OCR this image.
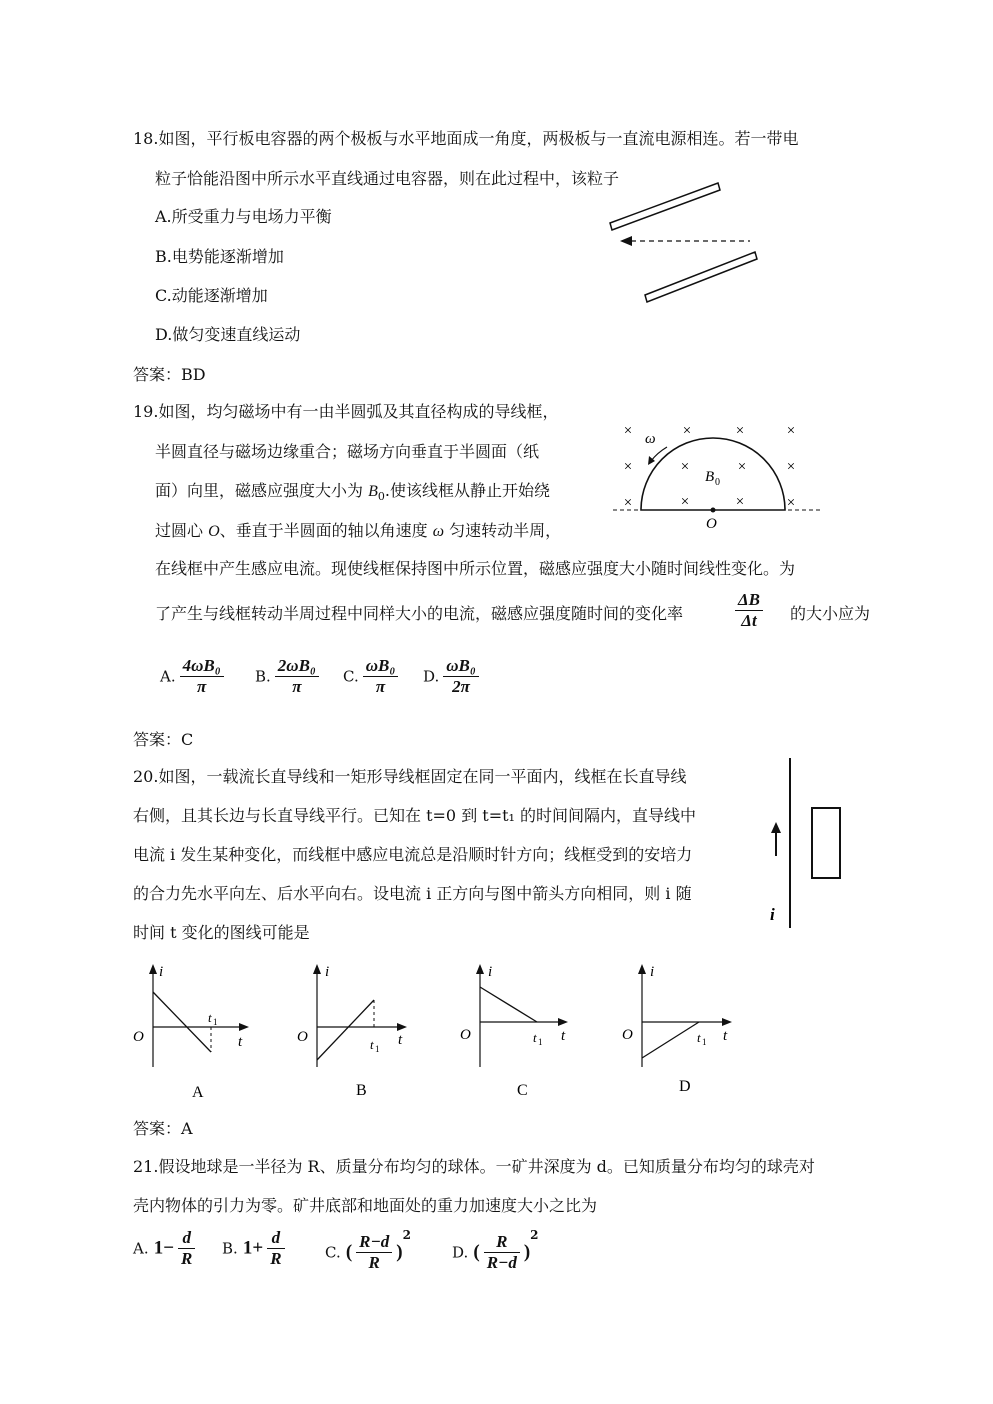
18.如图，平行板电容器的两个极板与水平地面成一角度，两极板与一直流电源相连。若一带电
粒子恰能沿图中所示水平直线通过电容器，则在此过程中，该粒子
A.所受重力与电场力平衡
B.电势能逐渐增加
C.动能逐渐增加
D.做匀变速直线运动
答案：BD
19.如图，均匀磁场中有一由半圆弧及其直径构成的导线框，
半圆直径与磁场边缘重合；磁场方向垂直于半圆面（纸
面）向里，磁感应强度大小为 $B_0$.使该线框从静止开始绕
过圆心 O、垂直于半圆面的轴以角速度 ω 匀速转动半周，
在线框中产生感应电流。现使线框保持图中所示位置，磁感应强度大小随时间线性变化。为
了产生与线框转动半周过程中同样大小的电流，磁感应强度随时间的变化率	$\frac{\Delta B}{\Delta t}$ 的大小应为
A. $\frac{\text{4ωB₀}}{\pi} B$. $\frac{\text{2ωB₀}}{\pi} C$. $\frac{\text{ωB₀}}{\pi} D$. $\frac{\text{ωB₀}}{2\pi}$
答案：C
ω
B 0
O
×
×
×
×
×
×
×
×
×
×
×
×
20.如图，一载流长直导线和一矩形导线框固定在同一平面内，线框在长直导线
右侧，且其长边与长直导线平行。已知在 t=0 到 t=t₁ 的时间间隔内，直导线中
电流 i 发生某种变化，而线框中感应电流总是沿顺时针方向；线框受到的安培力
的合力先水平向左、后水平向右。设电流 i 正方向与图中箭头方向相同，则 i 随
时间 t 变化的图线可能是
i
i
t
O
t 1
A
i
t
O	t 1
B
i
t
O	t 1
C
i
t
O	t 1
D
答案：A
21.假设地球是一半径为 R、质量分布均匀的球体。一矿井深度为 d。已知质量分布均匀的球壳对
壳内物体的引力为零。矿井底部和地面处的重力加速度大小之比为
A. $1- \frac{d}{R} B$. $1+ \frac{d}{R}$	C. ( $\frac{R-d}{R} )^2$
D. ( $\frac{R}{R-d} )^2$
